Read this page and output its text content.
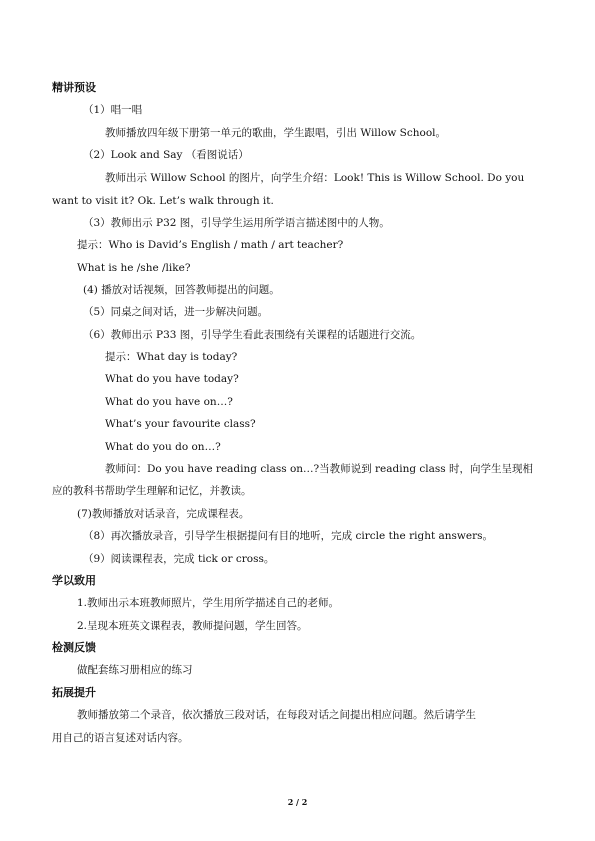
精讲预设
（1）唱一唱
教师播放四年级下册第一单元的歌曲，学生跟唱，引出 Willow School。
（2）Look and Say （看图说话）
教师出示 Willow School 的图片，向学生介绍：Look! This is Willow School. Do you
want to visit it? Ok. Let’s walk through it.
（3）教师出示 P32 图，引导学生运用所学语言描述图中的人物。
提示：Who is David’s English / math / art teacher?
What is he /she /like?
(4) 播放对话视频，回答教师提出的问题。
（5）同桌之间对话，进一步解决问题。
（6）教师出示 P33 图，引导学生看此表围绕有关课程的话题进行交流。
提示：What day is today?
What do you have today?
What do you have on…?
What’s your favourite class?
What do you do on…?
教师问：Do you have reading class on…?当教师说到 reading class 时，向学生呈现相
应的教科书帮助学生理解和记忆，并教读。
(7)教师播放对话录音，完成课程表。
（8）再次播放录音，引导学生根据提问有目的地听，完成 circle the right answers。
（9）阅读课程表，完成 tick or cross。
学以致用
1.教师出示本班教师照片，学生用所学描述自己的老师。
2.呈现本班英文课程表，教师提问题，学生回答。
检测反馈
做配套练习册相应的练习
拓展提升
教师播放第二个录音，依次播放三段对话，在每段对话之间提出相应问题。然后请学生
用自己的语言复述对话内容。
2 / 2
